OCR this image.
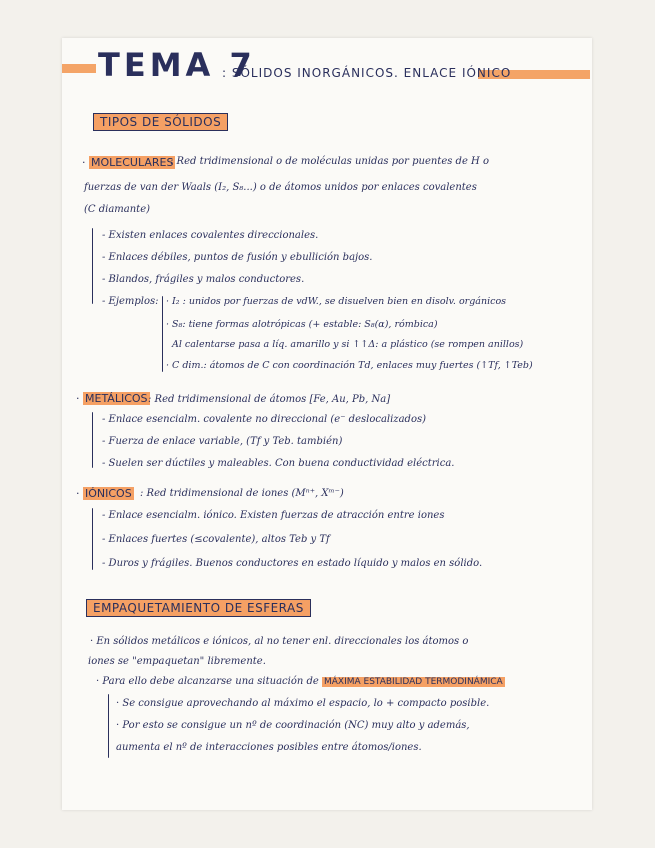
TEMA 7
: SÓLIDOS INORGÁNICOS. ENLACE IÓNICO
TIPOS DE SÓLIDOS
· MOLECULARES
: Red tridimensional o de moléculas unidas por puentes de H o
fuerzas de van der Waals (I₂, S₈...) o de átomos unidos por enlaces covalentes
(C diamante)
- Existen enlaces covalentes direccionales.
- Enlaces débiles, puntos de fusión y ebullición bajos.
- Blandos, frágiles y malos conductores.
- Ejemplos: · I₂ : unidos por fuerzas de vdW., se disuelven bien en disolv. orgánicos
· S₈: tiene formas alotrópicas (+ estable: S₈(α), rómbica)
Al calentarse pasa a líq. amarillo y si ↑↑Δ: a plástico (se rompen anillos)
· C dim.: átomos de C con coordinación Td, enlaces muy fuertes (↑Tf, ↑Teb)
· METÁLICOS : Red tridimensional de átomos [Fe, Au, Pb, Na]
- Enlace esencialm. covalente no direccional (e⁻ deslocalizados)
- Fuerza de enlace variable, (Tf y Teb. también)
- Suelen ser dúctiles y maleables. Con buena conductividad eléctrica.
· IÓNICOS : Red tridimensional de iones (Mⁿ⁺, Xᵐ⁻)
- Enlace esencialm. iónico. Existen fuerzas de atracción entre iones
- Enlaces fuertes (≤covalente), altos Teb y Tf
- Duros y frágiles. Buenos conductores en estado líquido y malos en sólido.
EMPAQUETAMIENTO DE ESFERAS
· En sólidos metálicos e iónicos, al no tener enl. direccionales los átomos o
iones se "empaquetan" libremente.
· Para ello debe alcanzarse una situación de MÁXIMA ESTABILIDAD TERMODINÁMICA
· Se consigue aprovechando al máximo el espacio, lo + compacto posible.
· Por esto se consigue un nº de coordinación (NC) muy alto y además,
aumenta el nº de interacciones posibles entre átomos/iones.
